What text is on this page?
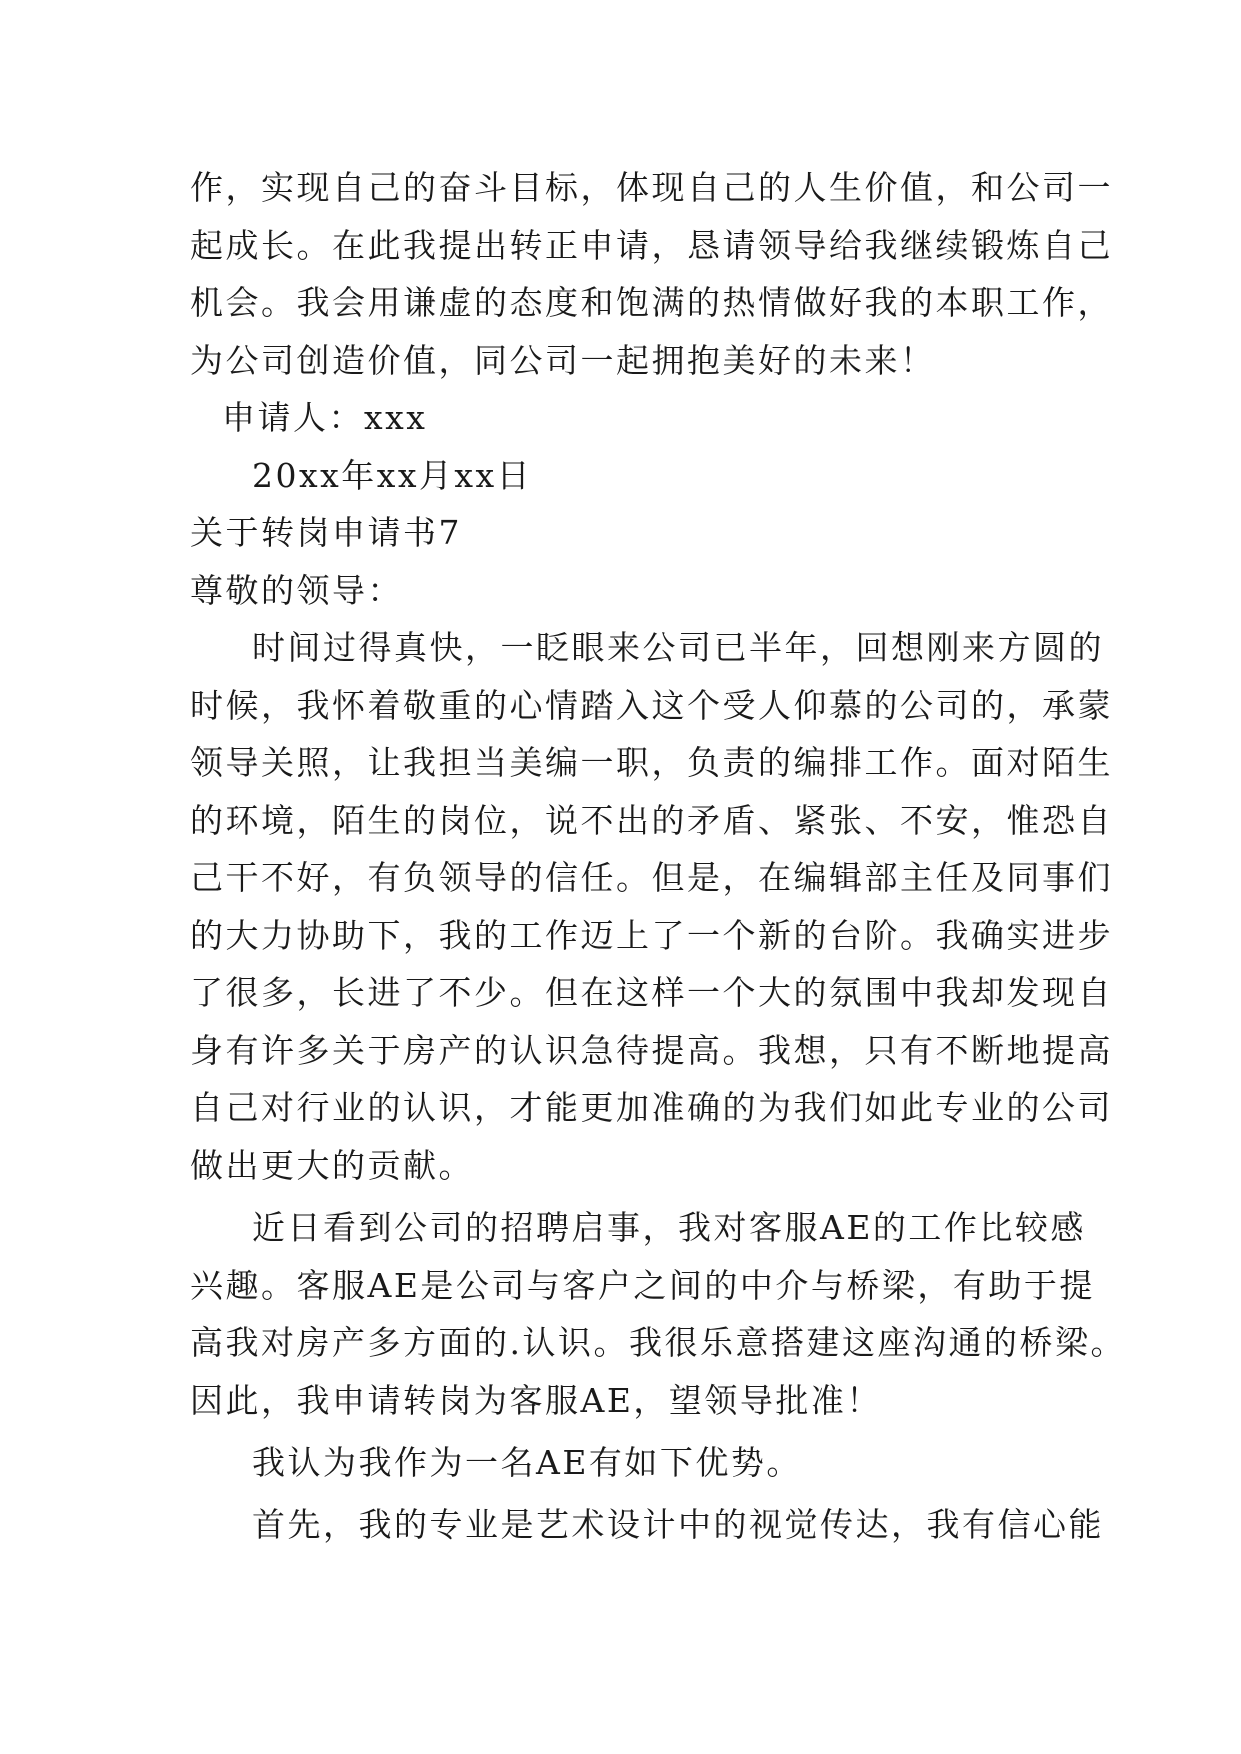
作，实现自己的奋斗目标，体现自己的人生价值，和公司一
起成长。在此我提出转正申请，恳请领导给我继续锻炼自己
机会。我会用谦虚的态度和饱满的热情做好我的本职工作，
为公司创造价值，同公司一起拥抱美好的未来！
申请人：xxx
20xx年xx月xx日
关于转岗申请书7
尊敬的领导：
时间过得真快，一眨眼来公司已半年，回想刚来方圆的
时候，我怀着敬重的心情踏入这个受人仰慕的公司的，承蒙
领导关照，让我担当美编一职，负责的编排工作。面对陌生
的环境，陌生的岗位，说不出的矛盾、紧张、不安，惟恐自
己干不好，有负领导的信任。但是，在编辑部主任及同事们
的大力协助下，我的工作迈上了一个新的台阶。我确实进步
了很多，长进了不少。但在这样一个大的氛围中我却发现自
身有许多关于房产的认识急待提高。我想，只有不断地提高
自己对行业的认识，才能更加准确的为我们如此专业的公司
做出更大的贡献。
近日看到公司的招聘启事，我对客服AE的工作比较感
兴趣。客服AE是公司与客户之间的中介与桥梁，有助于提
高我对房产多方面的.认识。我很乐意搭建这座沟通的桥梁。
因此，我申请转岗为客服AE，望领导批准！
我认为我作为一名AE有如下优势。
首先，我的专业是艺术设计中的视觉传达，我有信心能
